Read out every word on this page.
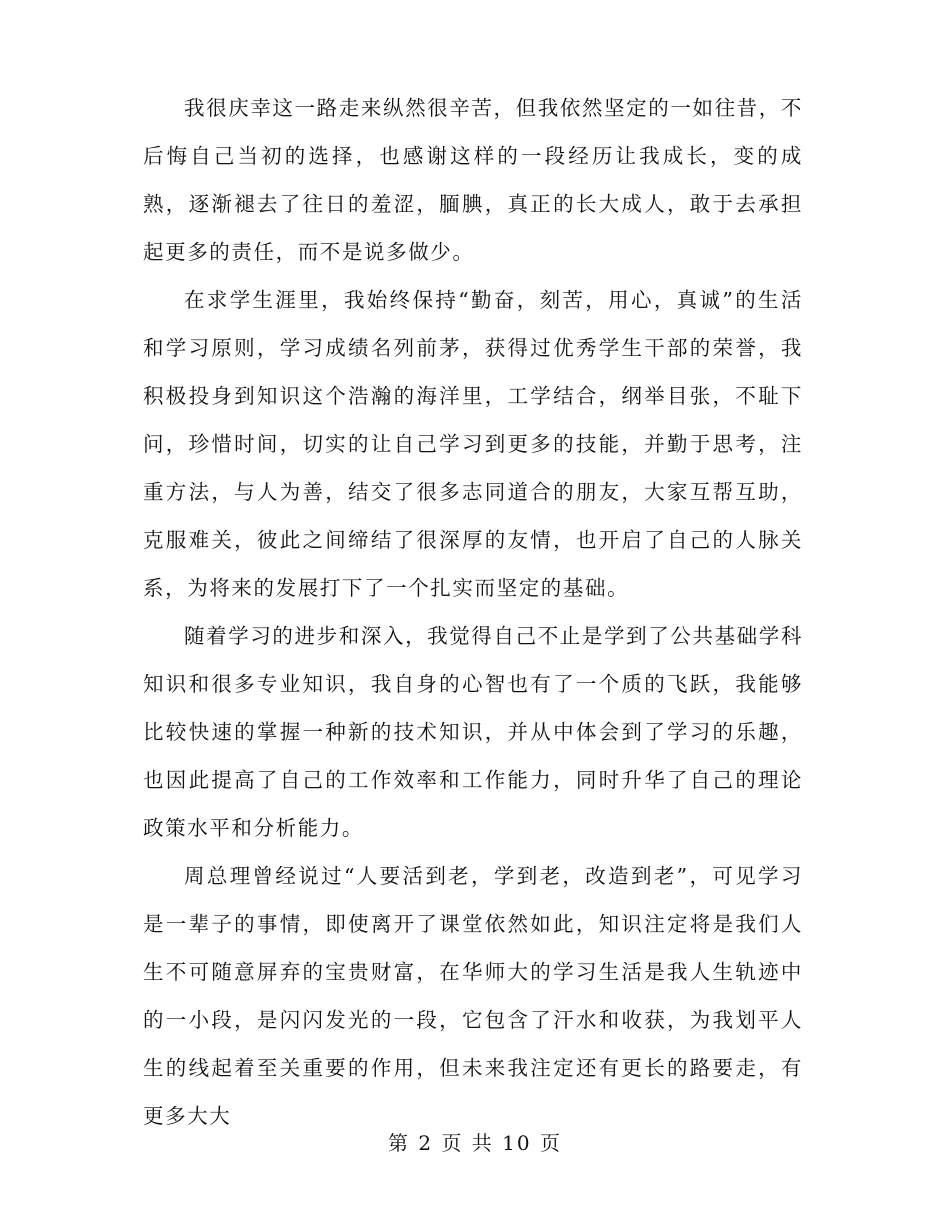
我很庆幸这一路走来纵然很辛苦，但我依然坚定的一如往昔，不后悔自己当初的选择，也感谢这样的一段经历让我成长，变的成熟，逐渐褪去了往日的羞涩，腼腆，真正的长大成人，敢于去承担起更多的责任，而不是说多做少。

在求学生涯里，我始终保持“勤奋，刻苦，用心，真诚”的生活和学习原则，学习成绩名列前茅，获得过优秀学生干部的荣誉，我积极投身到知识这个浩瀚的海洋里，工学结合，纲举目张，不耻下问，珍惜时间，切实的让自己学习到更多的技能，并勤于思考，注重方法，与人为善，结交了很多志同道合的朋友，大家互帮互助，克服难关，彼此之间缔结了很深厚的友情，也开启了自己的人脉关系，为将来的发展打下了一个扎实而坚定的基础。

随着学习的进步和深入，我觉得自己不止是学到了公共基础学科知识和很多专业知识，我自身的心智也有了一个质的飞跃，我能够比较快速的掌握一种新的技术知识，并从中体会到了学习的乐趣，也因此提高了自己的工作效率和工作能力，同时升华了自己的理论政策水平和分析能力。

周总理曾经说过“人要活到老，学到老，改造到老”，可见学习是一辈子的事情，即使离开了课堂依然如此，知识注定将是我们人生不可随意屏弃的宝贵财富，在华师大的学习生活是我人生轨迹中的一小段，是闪闪发光的一段，它包含了汗水和收获，为我划平人生的线起着至关重要的作用，但未来我注定还有更长的路要走，有更多大大

第 2 页 共 10 页
